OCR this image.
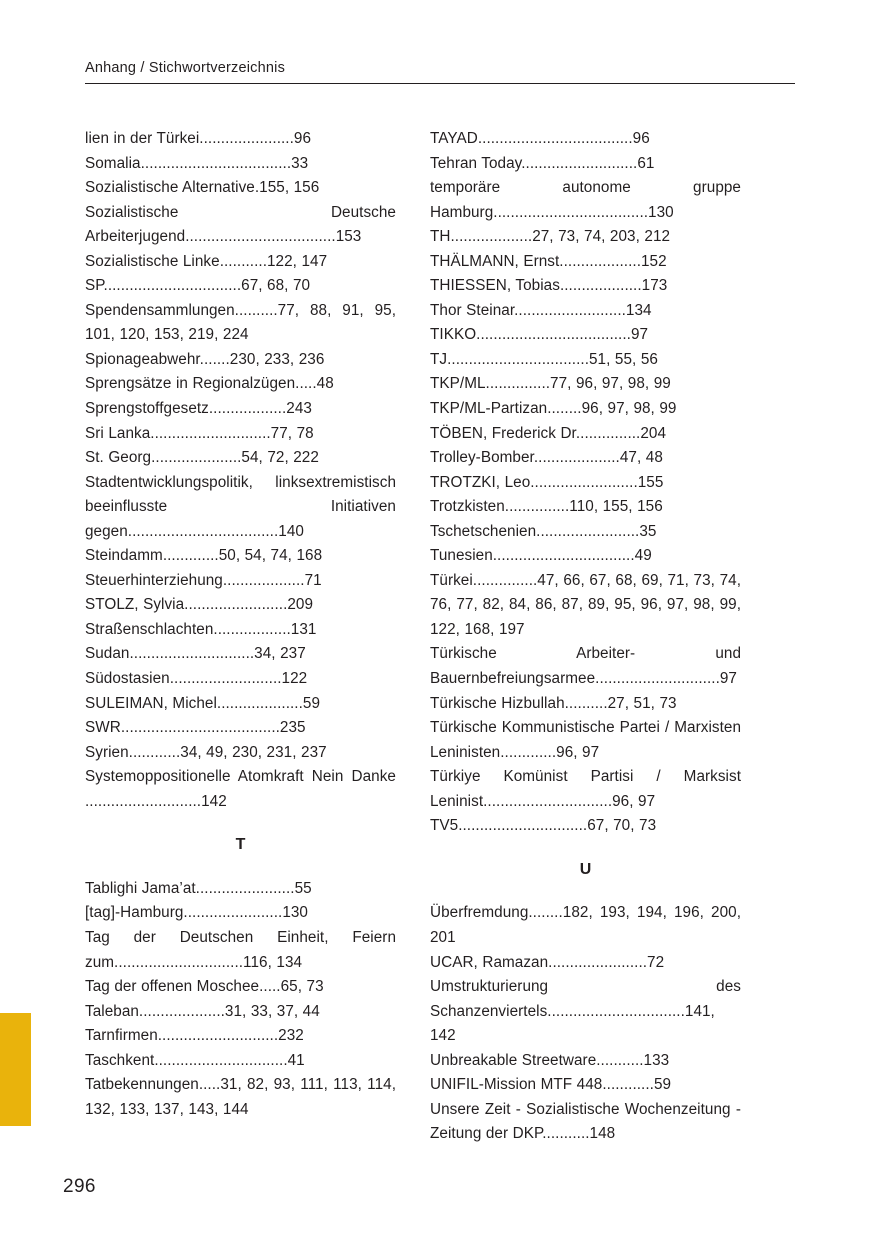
Anhang / Stichwortverzeichnis
lien in der Türkei......................96
Somalia...................................33
Sozialistische Alternative.155, 156
Sozialistische Deutsche Arbeiterjugend...................................153
Sozialistische Linke...........122, 147
SP................................67, 68, 70
Spendensammlungen..........77, 88, 91, 95, 101, 120, 153, 219, 224
Spionageabwehr.......230, 233, 236
Sprengsätze in Regionalzügen.....48
Sprengstoffgesetz..................243
Sri Lanka............................77, 78
St. Georg.....................54, 72, 222
Stadtentwicklungspolitik, linksextremistisch beeinflusste Initiativen gegen...................................140
Steindamm.............50, 54, 74, 168
Steuerhinterziehung...................71
STOLZ, Sylvia........................209
Straßenschlachten..................131
Sudan.............................34, 237
Südostasien..........................122
SULEIMAN, Michel....................59
SWR.....................................235
Syrien............34, 49, 230, 231, 237
Systemoppositionelle Atomkraft Nein Danke ...........................142
T
Tablighi Jama’at.......................55
[tag]-Hamburg.......................130
Tag der Deutschen Einheit, Feiern zum..............................116, 134
Tag der offenen Moschee.....65, 73
Taleban....................31, 33, 37, 44
Tarnfirmen............................232
Taschkent...............................41
Tatbekennungen.....31, 82, 93, 111, 113, 114, 132, 133, 137, 143, 144
TAYAD....................................96
Tehran Today...........................61
temporäre autonome gruppe Hamburg....................................130
TH...................27, 73, 74, 203, 212
THÄLMANN, Ernst...................152
THIESSEN, Tobias...................173
Thor Steinar..........................134
TIKKO....................................97
TJ.................................51, 55, 56
TKP/ML...............77, 96, 97, 98, 99
TKP/ML-Partizan........96, 97, 98, 99
TÖBEN, Frederick Dr...............204
Trolley-Bomber....................47, 48
TROTZKI, Leo.........................155
Trotzkisten...............110, 155, 156
Tschetschenien........................35
Tunesien.................................49
Türkei...............47, 66, 67, 68, 69, 71, 73, 74, 76, 77, 82, 84, 86, 87, 89, 95, 96, 97, 98, 99, 122, 168, 197
Türkische Arbeiter- und Bauernbefreiungsarmee.............................97
Türkische Hizbullah..........27, 51, 73
Türkische Kommunistische Partei / Marxisten Leninisten.............96, 97
Türkiye Komünist Partisi / Marksist Leninist..............................96, 97
TV5..............................67, 70, 73
U
Überfremdung........182, 193, 194, 196, 200, 201
UCAR, Ramazan.......................72
Umstrukturierung des Schanzenviertels................................141, 142
Unbreakable Streetware...........133
UNIFIL-Mission MTF 448............59
Unsere Zeit - Sozialistische Wochenzeitung - Zeitung der DKP...........148
296
